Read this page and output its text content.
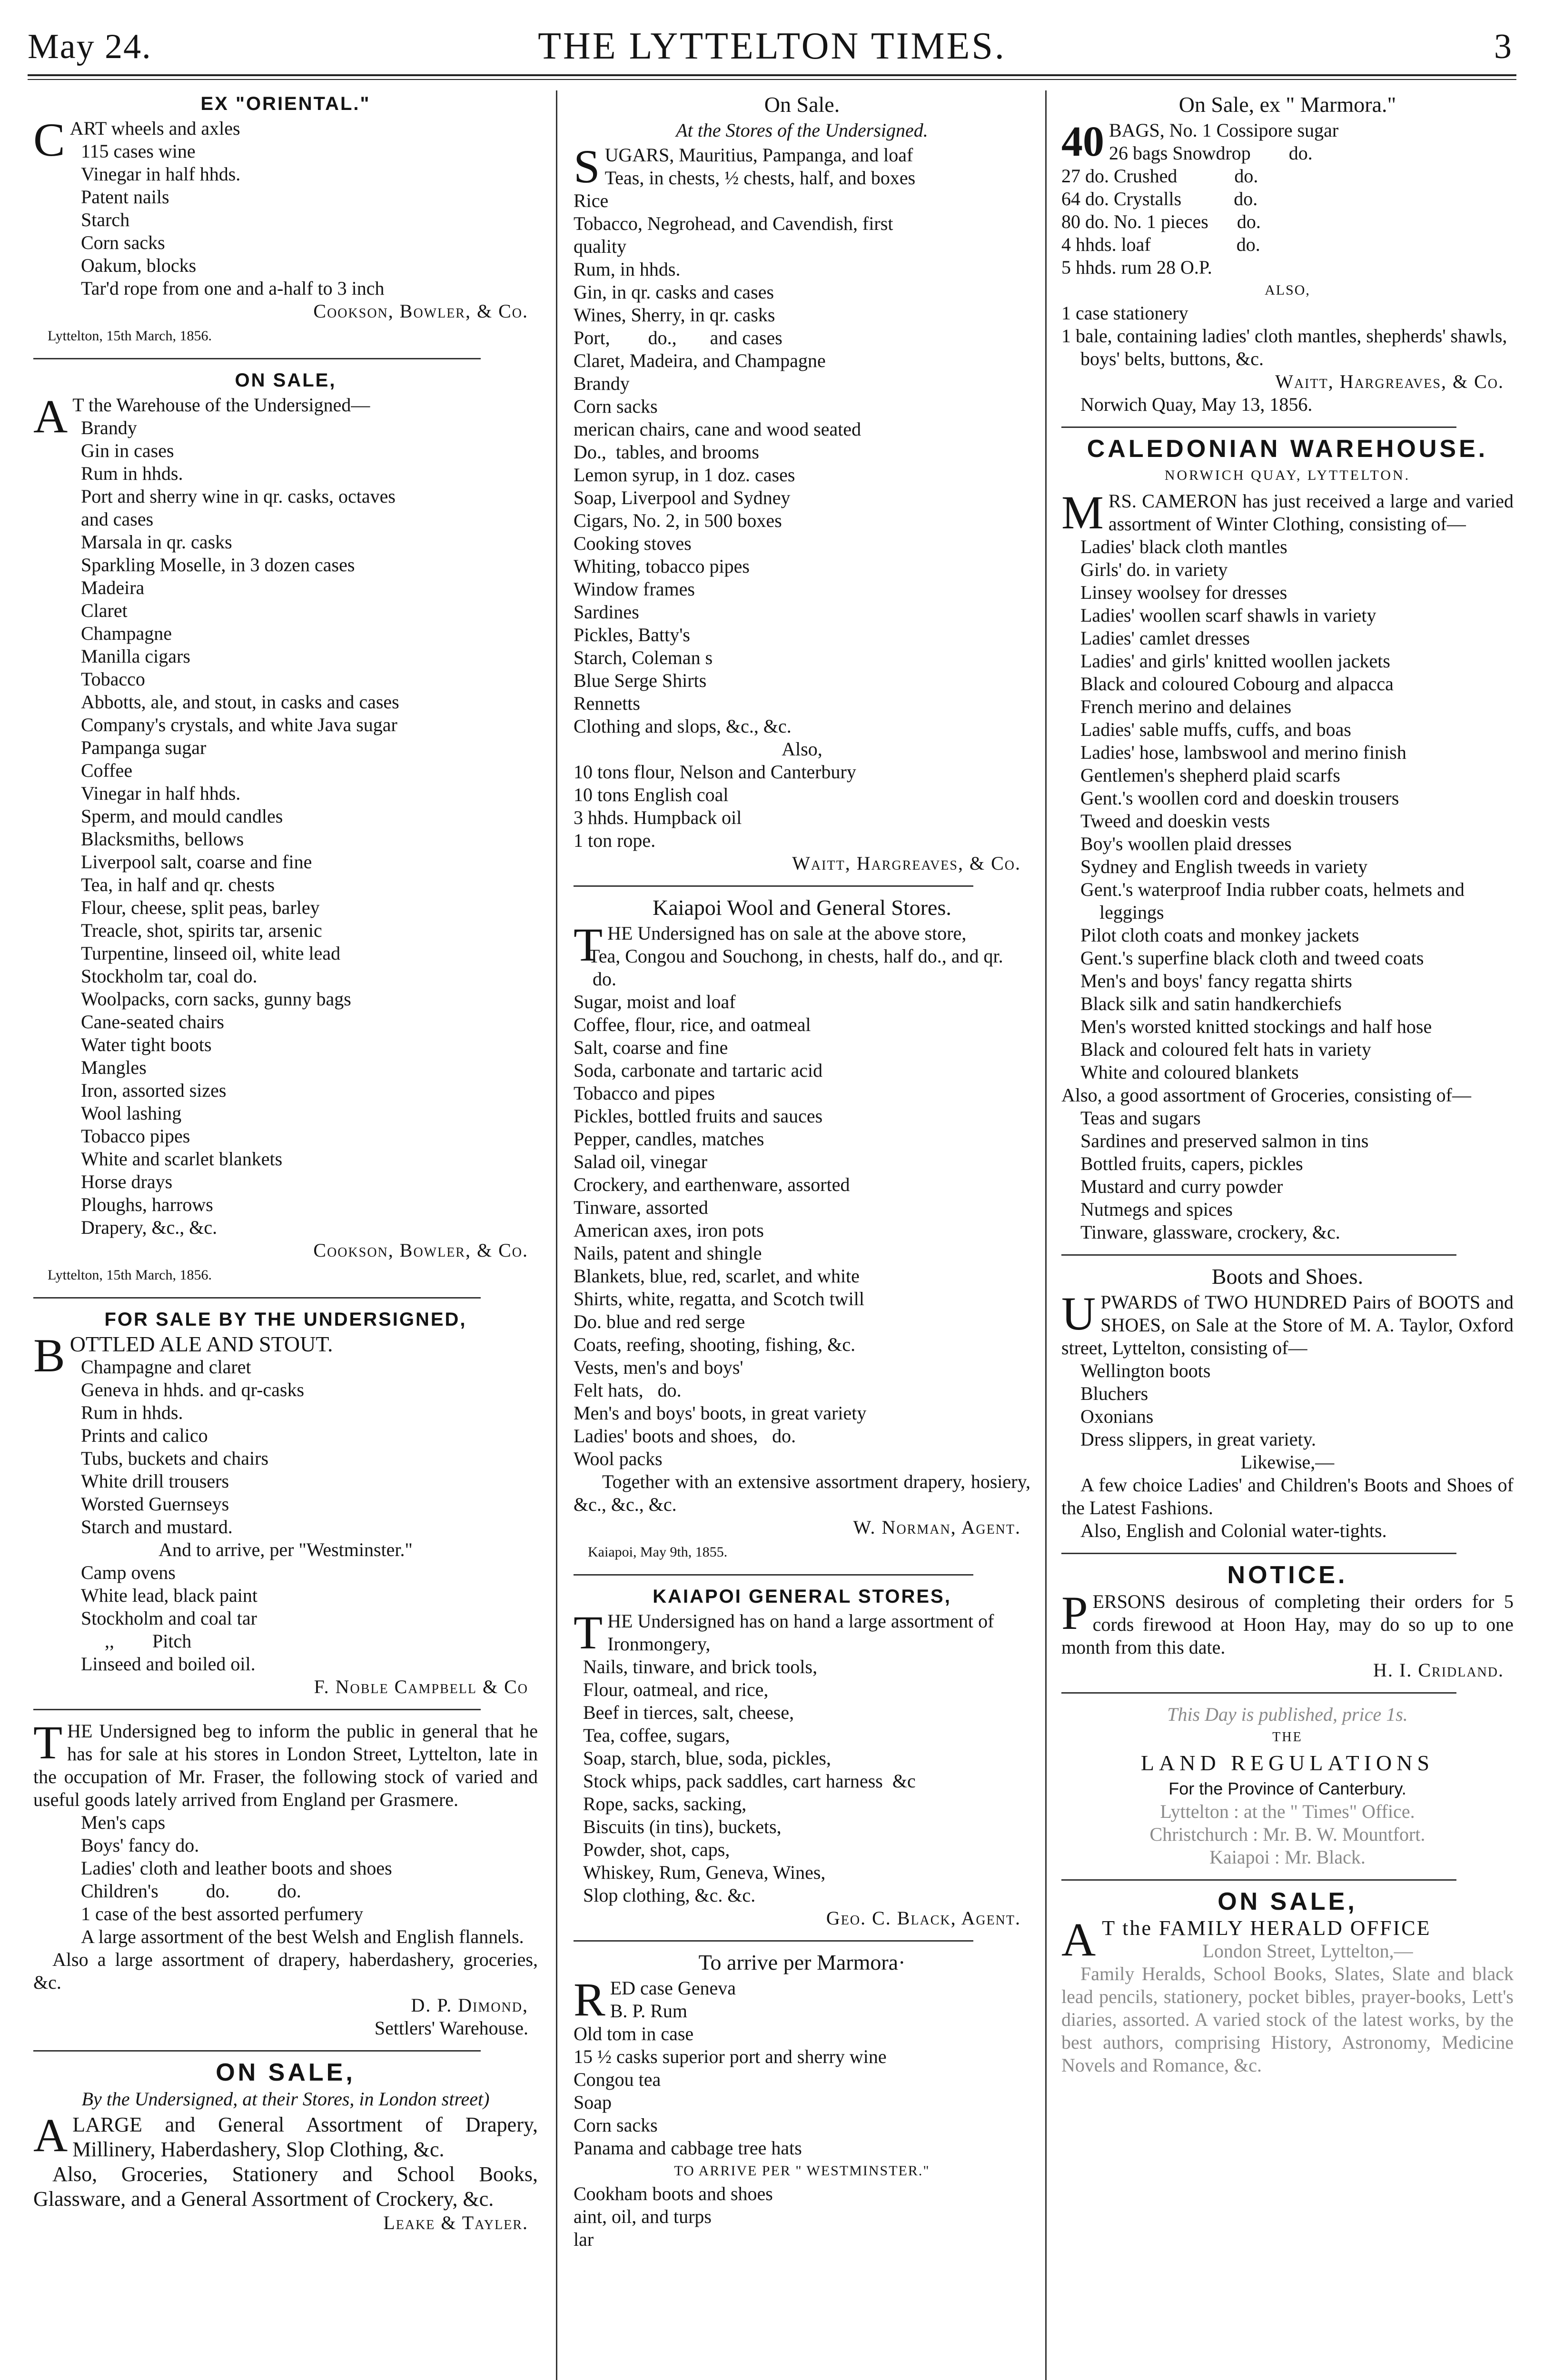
May 24.	THE LYTTELTON TIMES.	3
EX "ORIENTAL."
CART wheels and axles
115 cases wine
Vinegar in half hhds.
Patent nails
Starch
Corn sacks
Oakum, blocks
Tar'd rope from one and a-half to 3 inch
Cookson, Bowler, & Co.
Lyttelton, 15th March, 1856.
ON SALE,
A T the Warehouse of the Undersigned—
Brandy
Gin in cases
Rum in hhds.
Port and sherry wine in qr. casks, octaves
and cases
Marsala in qr. casks
Sparkling Moselle, in 3 dozen cases
Madeira
Claret
Champagne
Manilla cigars
Tobacco
Abbotts, ale, and stout, in casks and cases
Company's crystals, and white Java sugar
Pampanga sugar
Coffee
Vinegar in half hhds.
Sperm, and mould candles
Blacksmiths, bellows
Liverpool salt, coarse and fine
Tea, in half and qr. chests
Flour, cheese, split peas, barley
Treacle, shot, spirits tar, arsenic
Turpentine, linseed oil, white lead
Stockholm tar, coal do.
Woolpacks, corn sacks, gunny bags
Cane-seated chairs
Water tight boots
Mangles
Iron, assorted sizes
Wool lashing
Tobacco pipes
White and scarlet blankets
Horse drays
Ploughs, harrows
Drapery, &c., &c.
Cookson, Bowler, & Co.
Lyttelton, 15th March, 1856.
FOR SALE BY THE UNDERSIGNED,
BOTTLED ALE AND STOUT.
Champagne and claret
Geneva in hhds. and qr-casks
Rum in hhds.
Prints and calico
Tubs, buckets and chairs
White drill trousers
Worsted Guernseys
Starch and mustard.
And to arrive, per "Westminster."
Camp ovens
White lead, black paint
Stockholm and coal tar
,,        Pitch
Linseed and boiled oil.
F. Noble Campbell & Co
THE Undersigned beg to inform the public in general that he has for sale at his stores in London Street, Lyttelton, late in the occupation of Mr. Fraser, the following stock of varied and useful goods lately arrived from England per Grasmere.
Men's caps
Boys' fancy do.
Ladies' cloth and leather boots and shoes
Children's          do.          do.
1 case of the best assorted perfumery
A large assortment of the best Welsh and English flannels.
Also a large assortment of drapery, haberdashery, groceries, &c.
D. P. Dimond,
Settlers' Warehouse.
ON SALE,
By the Undersigned, at their Stores, in London street)
ALARGE and General Assortment of Drapery, Millinery, Haberdashery, Slop Clothing, &c.
Also, Groceries, Stationery and School Books, Glassware, and a General Assortment of Crockery, &c.
Leake & Tayler.
On Sale.
At the Stores of the Undersigned.
SUGARS, Mauritius, Pampanga, and loaf
Teas, in chests, ½ chests, half, and boxes
Rice
Tobacco, Negrohead, and Cavendish, first
quality
Rum, in hhds.
Gin, in qr. casks and cases
Wines, Sherry, in qr. casks
Port,        do.,       and cases
Claret, Madeira, and Champagne
Brandy
Corn sacks
merican chairs, cane and wood seated
Do.,  tables, and brooms
Lemon syrup, in 1 doz. cases
Soap, Liverpool and Sydney
Cigars, No. 2, in 500 boxes
Cooking stoves
Whiting, tobacco pipes
Window frames
Sardines
Pickles, Batty's
Starch, Coleman s
Blue Serge Shirts
Rennetts
Clothing and slops, &c., &c.
Also,
10 tons flour, Nelson and Canterbury
10 tons English coal
3 hhds. Humpback oil
1 ton rope.
Waitt, Hargreaves, & Co.
Kaiapoi Wool and General Stores.
THE Undersigned has on sale at the above store,
Tea, Congou and Souchong, in chests, half do., and qr. do.
Sugar, moist and loaf
Coffee, flour, rice, and oatmeal
Salt, coarse and fine
Soda, carbonate and tartaric acid
Tobacco and pipes
Pickles, bottled fruits and sauces
Pepper, candles, matches
Salad oil, vinegar
Crockery, and earthenware, assorted
Tinware, assorted
American axes, iron pots
Nails, patent and shingle
Blankets, blue, red, scarlet, and white
Shirts, white, regatta, and Scotch twill
Do. blue and red serge
Coats, reefing, shooting, fishing, &c.
Vests, men's and boys'
Felt hats,   do.
Men's and boys' boots, in great variety
Ladies' boots and shoes,   do.
Wool packs
Together with an extensive assortment drapery, hosiery, &c., &c., &c.
W. Norman, Agent.
Kaiapoi, May 9th, 1855.
KAIAPOI GENERAL STORES,
THE Undersigned has on hand a large assortment of
Ironmongery,
Nails, tinware, and brick tools,
Flour, oatmeal, and rice,
Beef in tierces, salt, cheese,
Tea, coffee, sugars,
Soap, starch, blue, soda, pickles,
Stock whips, pack saddles, cart harness  &c
Rope, sacks, sacking,
Biscuits (in tins), buckets,
Powder, shot, caps,
Whiskey, Rum, Geneva, Wines,
Slop clothing, &c. &c.
Geo. C. Black, Agent.
To arrive per Marmora·
RED case Geneva
B. P. Rum
Old tom in case
15 ½ casks superior port and sherry wine
Congou tea
Soap
Corn sacks
Panama and cabbage tree hats
TO ARRIVE PER " WESTMINSTER."
Cookham boots and shoes
aint, oil, and turps
lar
On Sale, ex " Marmora."
40 BAGS, No. 1 Cossipore sugar
26 bags Snowdrop        do.
27 do. Crushed            do.
64 do. Crystalls           do.
80 do. No. 1 pieces      do.
4 hhds. loaf                  do.
5 hhds. rum 28 O.P.
ALSO,
1 case stationery
1 bale, containing ladies' cloth mantles, shepherds' shawls, boys' belts, buttons, &c.
Waitt, Hargreaves, & Co.
Norwich Quay, May 13, 1856.
CALEDONIAN WAREHOUSE.
NORWICH QUAY, LYTTELTON.
MRS. CAMERON has just received a large and varied assortment of Winter Clothing, consisting of—
Ladies' black cloth mantles
Girls' do. in variety
Linsey woolsey for dresses
Ladies' woollen scarf shawls in variety
Ladies' camlet dresses
Ladies' and girls' knitted woollen jackets
Black and coloured Cobourg and alpacca
French merino and delaines
Ladies' sable muffs, cuffs, and boas
Ladies' hose, lambswool and merino finish
Gentlemen's shepherd plaid scarfs
Gent.'s woollen cord and doeskin trousers
Tweed and doeskin vests
Boy's woollen plaid dresses
Sydney and English tweeds in variety
Gent.'s waterproof India rubber coats, helmets and leggings
Pilot cloth coats and monkey jackets
Gent.'s superfine black cloth and tweed coats
Men's and boys' fancy regatta shirts
Black silk and satin handkerchiefs
Men's worsted knitted stockings and half hose
Black and coloured felt hats in variety
White and coloured blankets
Also, a good assortment of Groceries, consisting of—
Teas and sugars
Sardines and preserved salmon in tins
Bottled fruits, capers, pickles
Mustard and curry powder
Nutmegs and spices
Tinware, glassware, crockery, &c.
Boots and Shoes.
UPWARDS of TWO HUNDRED Pairs of BOOTS and SHOES, on Sale at the Store of M. A. Taylor, Oxford street, Lyttelton, consisting of—
Wellington boots
Bluchers
Oxonians
Dress slippers, in great variety.
Likewise,—
A few choice Ladies' and Children's Boots and Shoes of the Latest Fashions.
Also, English and Colonial water-tights.
NOTICE.
PERSONS desirous of completing their orders for 5 cords firewood at Hoon Hay, may do so up to one month from this date.
H. I. Cridland.
This Day is published, price 1s.
THE
LAND REGULATIONS
For the Province of Canterbury.
Lyttelton : at the " Times" Office.
Christchurch : Mr. B. W. Mountfort.
Kaiapoi : Mr. Black.
ON SALE,
A T the FAMILY HERALD OFFICE
London Street, Lyttelton,—
Family Heralds, School Books, Slates, Slate and black lead pencils, stationery, pocket bibles, prayer-books, Lett's diaries, assorted. A varied stock of the latest works, by the best authors, comprising History, Astronomy, Medicine Novels and Romance, &c.
